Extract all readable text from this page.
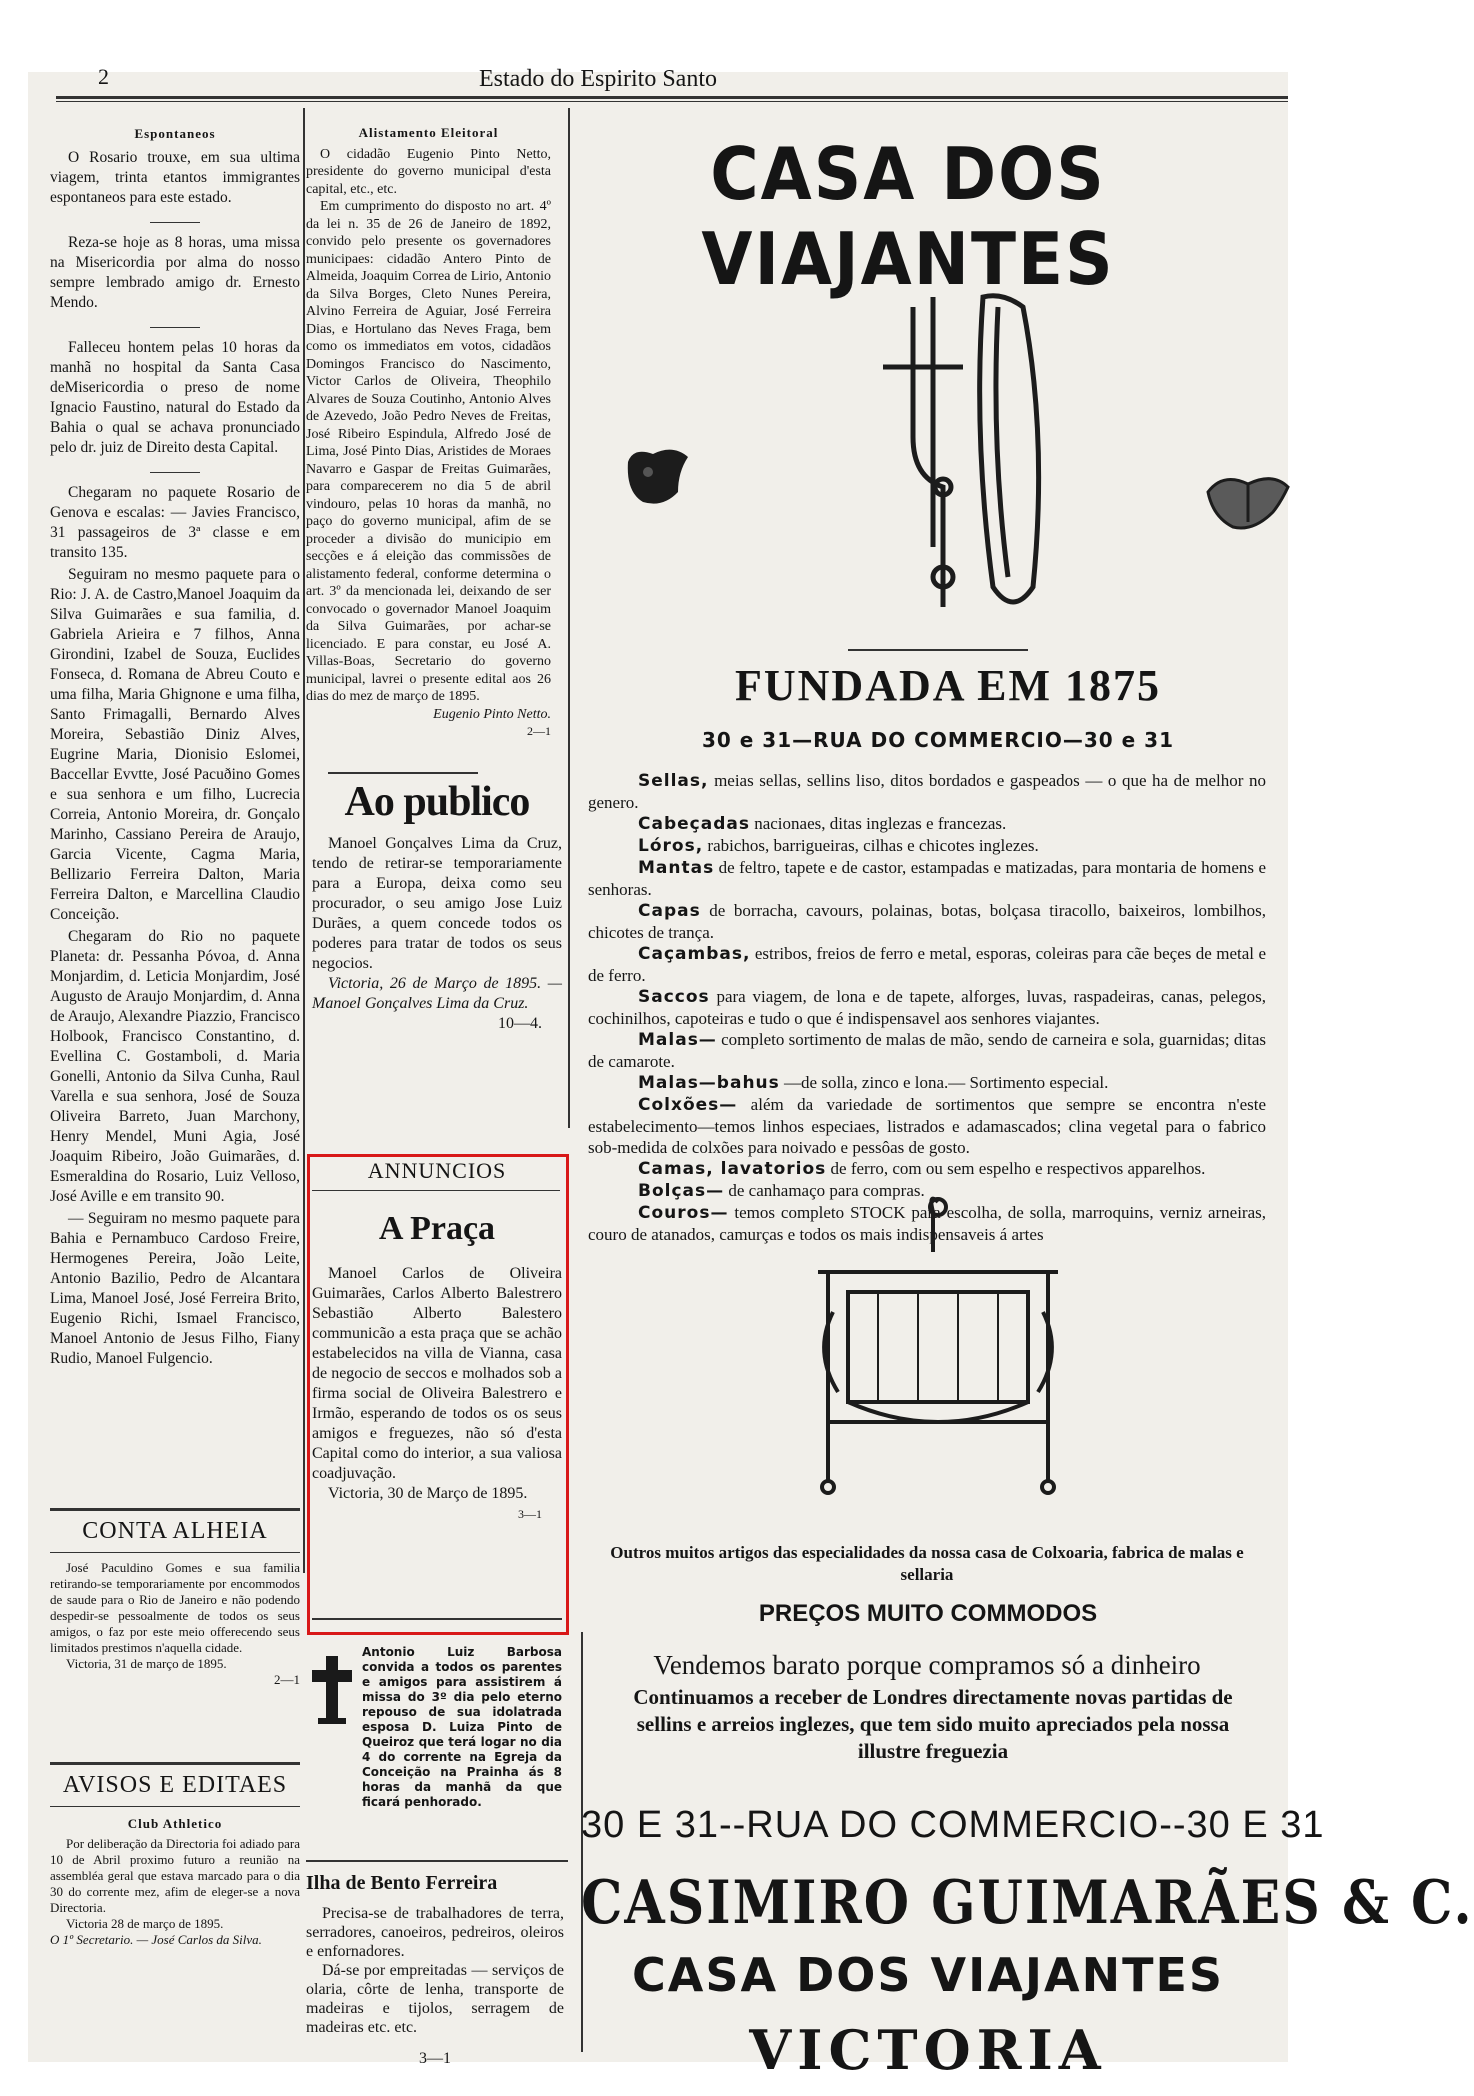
2	Estado do Espirito Santo
Espontaneos

O Rosario trouxe, em sua ultima viagem, trinta etantos immigrantes espontaneos para este estado.

Reza-se hoje as 8 horas, uma missa na Misericordia por alma do nosso sempre lembrado amigo dr. Ernesto Mendo.

Falleceu hontem pelas 10 horas da manhã no hospital da Santa Casa deMisericordia o preso de nome Ignacio Faustino, natural do Estado da Bahia o qual se achava pronunciado pelo dr. juiz de Direito desta Capital.

Chegaram no paquete Rosario de Genova e escalas: — Javies Francisco, 31 passageiros de 3ª classe e em transito 135.

Seguiram no mesmo paquete para o Rio: J. A. de Castro,Manoel Joaquim da Silva Guimarães e sua familia, d. Gabriela Arieira e 7 filhos, Anna Girondini, Izabel de Souza, Euclides Fonseca, d. Romana de Abreu Couto e uma filha, Maria Ghignone e uma filha, Santo Frimagalli, Bernardo Alves Moreira, Sebastião Diniz Alves, Eugrine Maria, Dionisio Eslomei, Baccellar Evvtte, José Pacuðino Gomes e sua senhora e um filho, Lucrecia Correia, Antonio Moreira, dr. Gonçalo Marinho, Cassiano Pereira de Araujo, Garcia Vicente, Cagma Maria, Bellizario Ferreira Dalton, Maria Ferreira Dalton, e Marcellina Claudio Conceição.

Chegaram do Rio no paquete Planeta: dr. Pessanha Póvoa, d. Anna Monjardim, d. Leticia Monjardim, José Augusto de Araujo Monjardim, d. Anna de Araujo, Alexandre Piazzio, Francisco Holbook, Francisco Constantino, d. Evellina C. Gostamboli, d. Maria Gonelli, Antonio da Silva Cunha, Raul Varella e sua senhora, José de Souza Oliveira Barreto, Juan Marchony, Henry Mendel, Muni Agia, José Joaquim Ribeiro, João Guimarães, d. Esmeraldina do Rosario, Luiz Velloso, José Aville e em transito 90.

— Seguiram no mesmo paquete para Bahia e Pernambuco Cardoso Freire, Hermogenes Pereira, João Leite, Antonio Bazilio, Pedro de Alcantara Lima, Manoel José, José Ferreira Brito, Eugenio Richi, Ismael Francisco, Manoel Antonio de Jesus Filho, Fiany Rudio, Manoel Fulgencio.

CONTA ALHEIA
José Paculdino Gomes e sua familia retirando-se temporariamente por encommodos de saude para o Rio de Janeiro e não podendo despedir-se pessoalmente de todos os seus amigos, o faz por este meio offerecendo seus limitados prestimos n'aquella cidade.
Victoria, 31 de março de 1895.
2—1
AVISOS E EDITAES
Club Athletico
Por deliberação da Directoria foi adiado para 10 de Abril proximo futuro a reunião na assembléa geral que estava marcado para o dia 30 do corrente mez, afim de eleger-se a nova Directoria.
Victoria 28 de março de 1895.
O 1º Secretario. — José Carlos da Silva.
Alistamento Eleitoral
O cidadão Eugenio Pinto Netto, presidente do governo municipal d'esta capital, etc., etc.
Em cumprimento do disposto no art. 4º da lei n. 35 de 26 de Janeiro de 1892, convido pelo presente os governadores municipaes: cidadão Antero Pinto de Almeida, Joaquim Correa de Lirio, Antonio da Silva Borges, Cleto Nunes Pereira, Alvino Ferreira de Aguiar, José Ferreira Dias, e Hortulano das Neves Fraga, bem como os immediatos em votos, cidadãos Domingos Francisco do Nascimento, Victor Carlos de Oliveira, Theophilo Alvares de Souza Coutinho, Antonio Alves de Azevedo, João Pedro Neves de Freitas, José Ribeiro Espindula, Alfredo José de Lima, José Pinto Dias, Aristides de Moraes Navarro e Gaspar de Freitas Guimarães, para comparecerem no dia 5 de abril vindouro, pelas 10 horas da manhã, no paço do governo municipal, afim de se proceder a divisão do municipio em secções e á eleição das commissões de alistamento federal, conforme determina o art. 3º da mencionada lei, deixando de ser convocado o governador Manoel Joaquim da Silva Guimarães, por achar-se licenciado. E para constar, eu José A. Villas-Boas, Secretario do governo municipal, lavrei o presente edital aos 26 dias do mez de março de 1895.
Eugenio Pinto Netto.
2—1
Ao publico
Manoel Gonçalves Lima da Cruz, tendo de retirar-se temporariamente para a Europa, deixa como seu procurador, o seu amigo Jose Luiz Durães, a quem concede todos os poderes para tratar de todos os seus negocios.
Victoria, 26 de Março de 1895. — Manoel Gonçalves Lima da Cruz.
10—4.
ANNUNCIOS
A Praça
Manoel Carlos de Oliveira Guimarães, Carlos Alberto Balestrero Sebastião Alberto Balestero communicão a esta praça que se achão estabelecidos na villa de Vianna, casa de negocio de seccos e molhados sob a firma social de Oliveira Balestrero e Irmão, esperando de todos os os seus amigos e freguezes, não só d'esta Capital como do interior, a sua valiosa coadjuvação.
Victoria, 30 de Março de 1895.
3—1
Antonio Luiz Barbosa convida a todos os parentes e amigos para assistirem á missa do 3º dia pelo eterno repouso de sua idolatrada esposa D. Luiza Pinto de Queiroz que terá logar no dia 4 do corrente na Egreja da Conceição na Prainha ás 8 horas da manhã da que ficará penhorado.
Ilha de Bento Ferreira
Precisa-se de trabalhadores de terra, serradores, canoeiros, pedreiros, oleiros e enfornadores.
Dá-se por empreitadas — serviços de olaria, côrte de lenha, transporte de madeiras e tijolos, serragem de madeiras etc. etc.
3—1
CASA DOS VIAJANTES
FUNDADA EM 1875
30 e 31—RUA DO COMMERCIO—30 e 31

Sellas, meias sellas, sellins liso, ditos bordados e gaspeados — o que ha de melhor no genero.

Cabeçadas nacionaes, ditas inglezas e francezas.

Lóros, rabichos, barrigueiras, cilhas e chicotes inglezes.

Mantas de feltro, tapete e de castor, estampadas e matizadas, para montaria de homens e senhoras.

Capas de borracha, cavours, polainas, botas, bolçasa tiracollo, baixeiros, lombilhos, chicotes de trança.

Caçambas, estribos, freios de ferro e metal, esporas, coleiras para cãe beçes de metal e de ferro.

Saccos para viagem, de lona e de tapete, alforges, luvas, raspadeiras, canas, pelegos, cochinilhos, capoteiras e tudo o que é indispensavel aos senhores viajantes.

Malas— completo sortimento de malas de mão, sendo de carneira e sola, guarnidas; ditas de camarote.

Malas—bahus —de solla, zinco e lona.— Sortimento especial.

Colxões— além da variedade de sortimentos que sempre se encontra n'este estabelecimento—temos linhos especiaes, listrados e adamascados; clina vegetal para o fabrico sob-medida de colxões para noivado e pessôas de gosto.

Camas, lavatorios de ferro, com ou sem espelho e respectivos apparelhos.

Bolças— de canhamaço para compras.

Couros— temos completo STOCK para escolha, de solla, marroquins, verniz arneiras, couro de atanados, camurças e todos os mais indispensaveis á artes

Outros muitos artigos das especialidades da nossa casa de Colxoaria, fabrica de malas e sellaria
PREÇOS MUITO COMMODOS
Vendemos barato porque compramos só a dinheiro
Continuamos a receber de Londres directamente novas partidas de sellins e arreios inglezes, que tem sido muito apreciados pela nossa illustre freguezia
30 E 31--RUA DO COMMERCIO--30 E 31
CASIMIRO GUIMARÃES & C.
CASA DOS VIAJANTES
VICTORIA
